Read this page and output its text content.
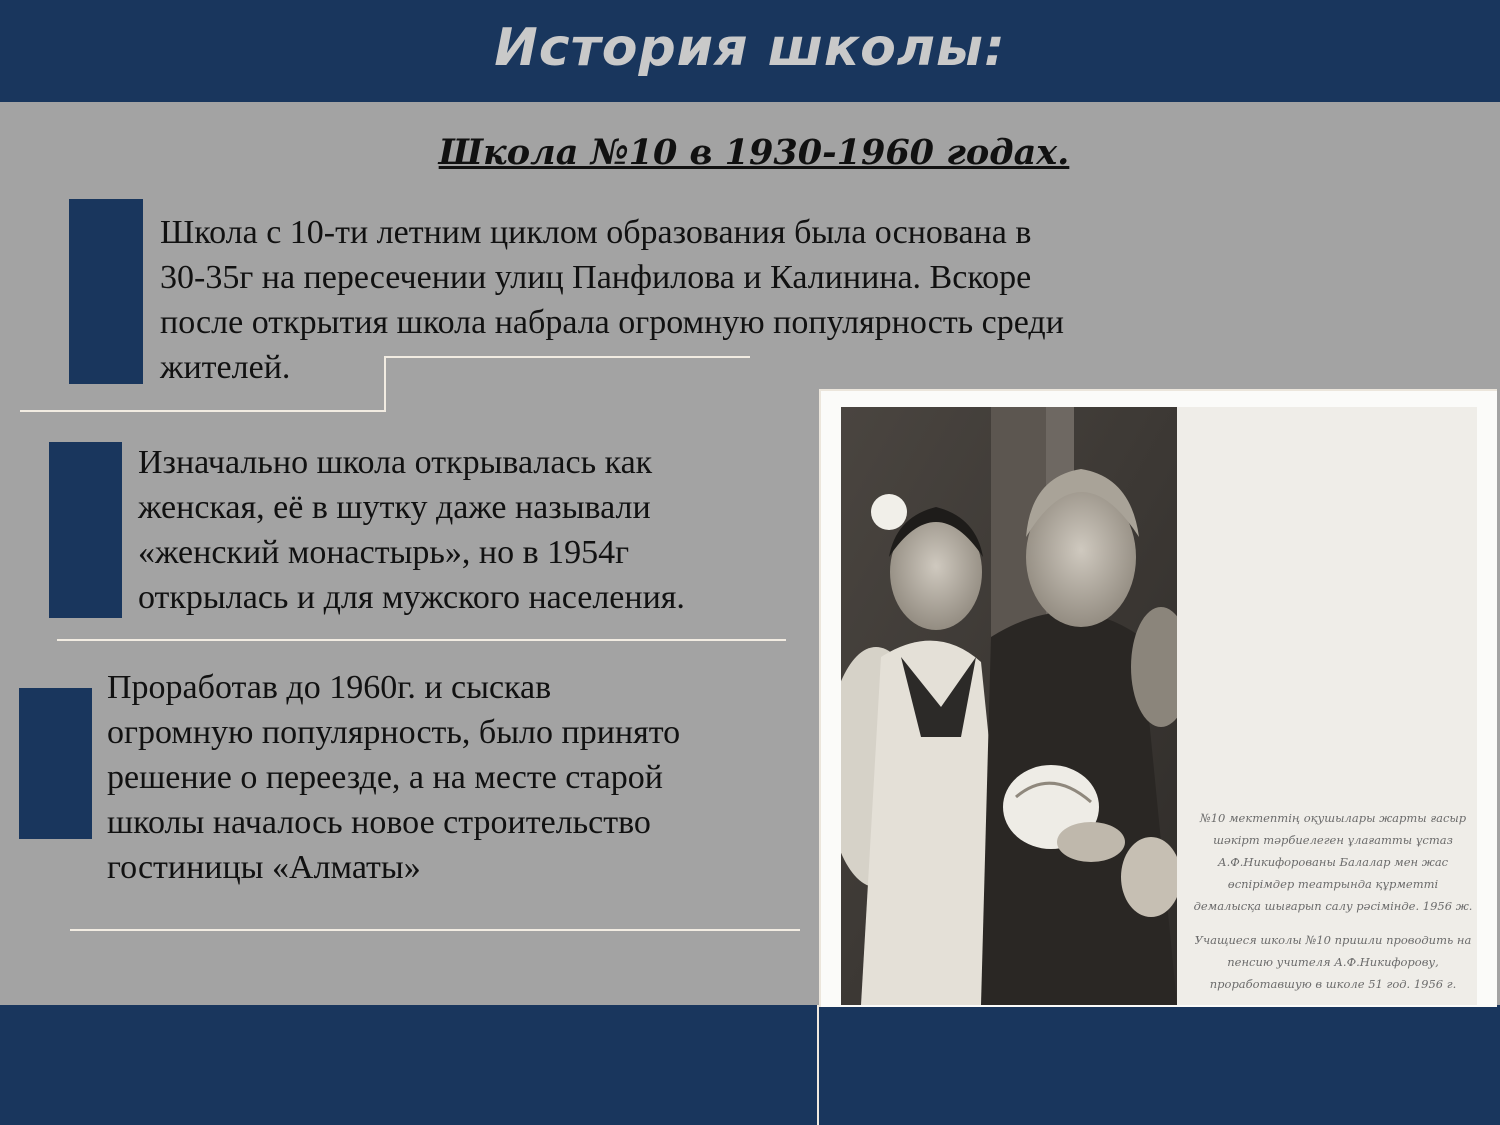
История школы:
Школа №10 в 1930-1960 годах.
Школа с 10-ти летним циклом образования была основана в
30-35г на пересечении улиц Панфилова и Калинина. Вскоре
после открытия школа набрала огромную популярность среди
жителей.
Изначально школа открывалась как
женская, её в шутку даже называли
«женский монастырь», но в 1954г
открылась и для мужского населения.
Проработав до 1960г. и сыскав
огромную популярность, было принято
решение о переезде, а на месте старой
школы началось новое строительство
гостиницы «Алматы»

№10 мектептің оқушылары жарты ғасыр шәкірт тәрбиелеген ұлағатты ұстаз А.Ф.Никифорованы Балалар мен жас өспірімдер театрында құрметті демалысқа шығарып салу рәсімінде. 1956 ж.

Учащиеся школы №10 пришли проводить на пенсию учителя А.Ф.Никифорову, проработавшую в школе 51 год. 1956 г.
